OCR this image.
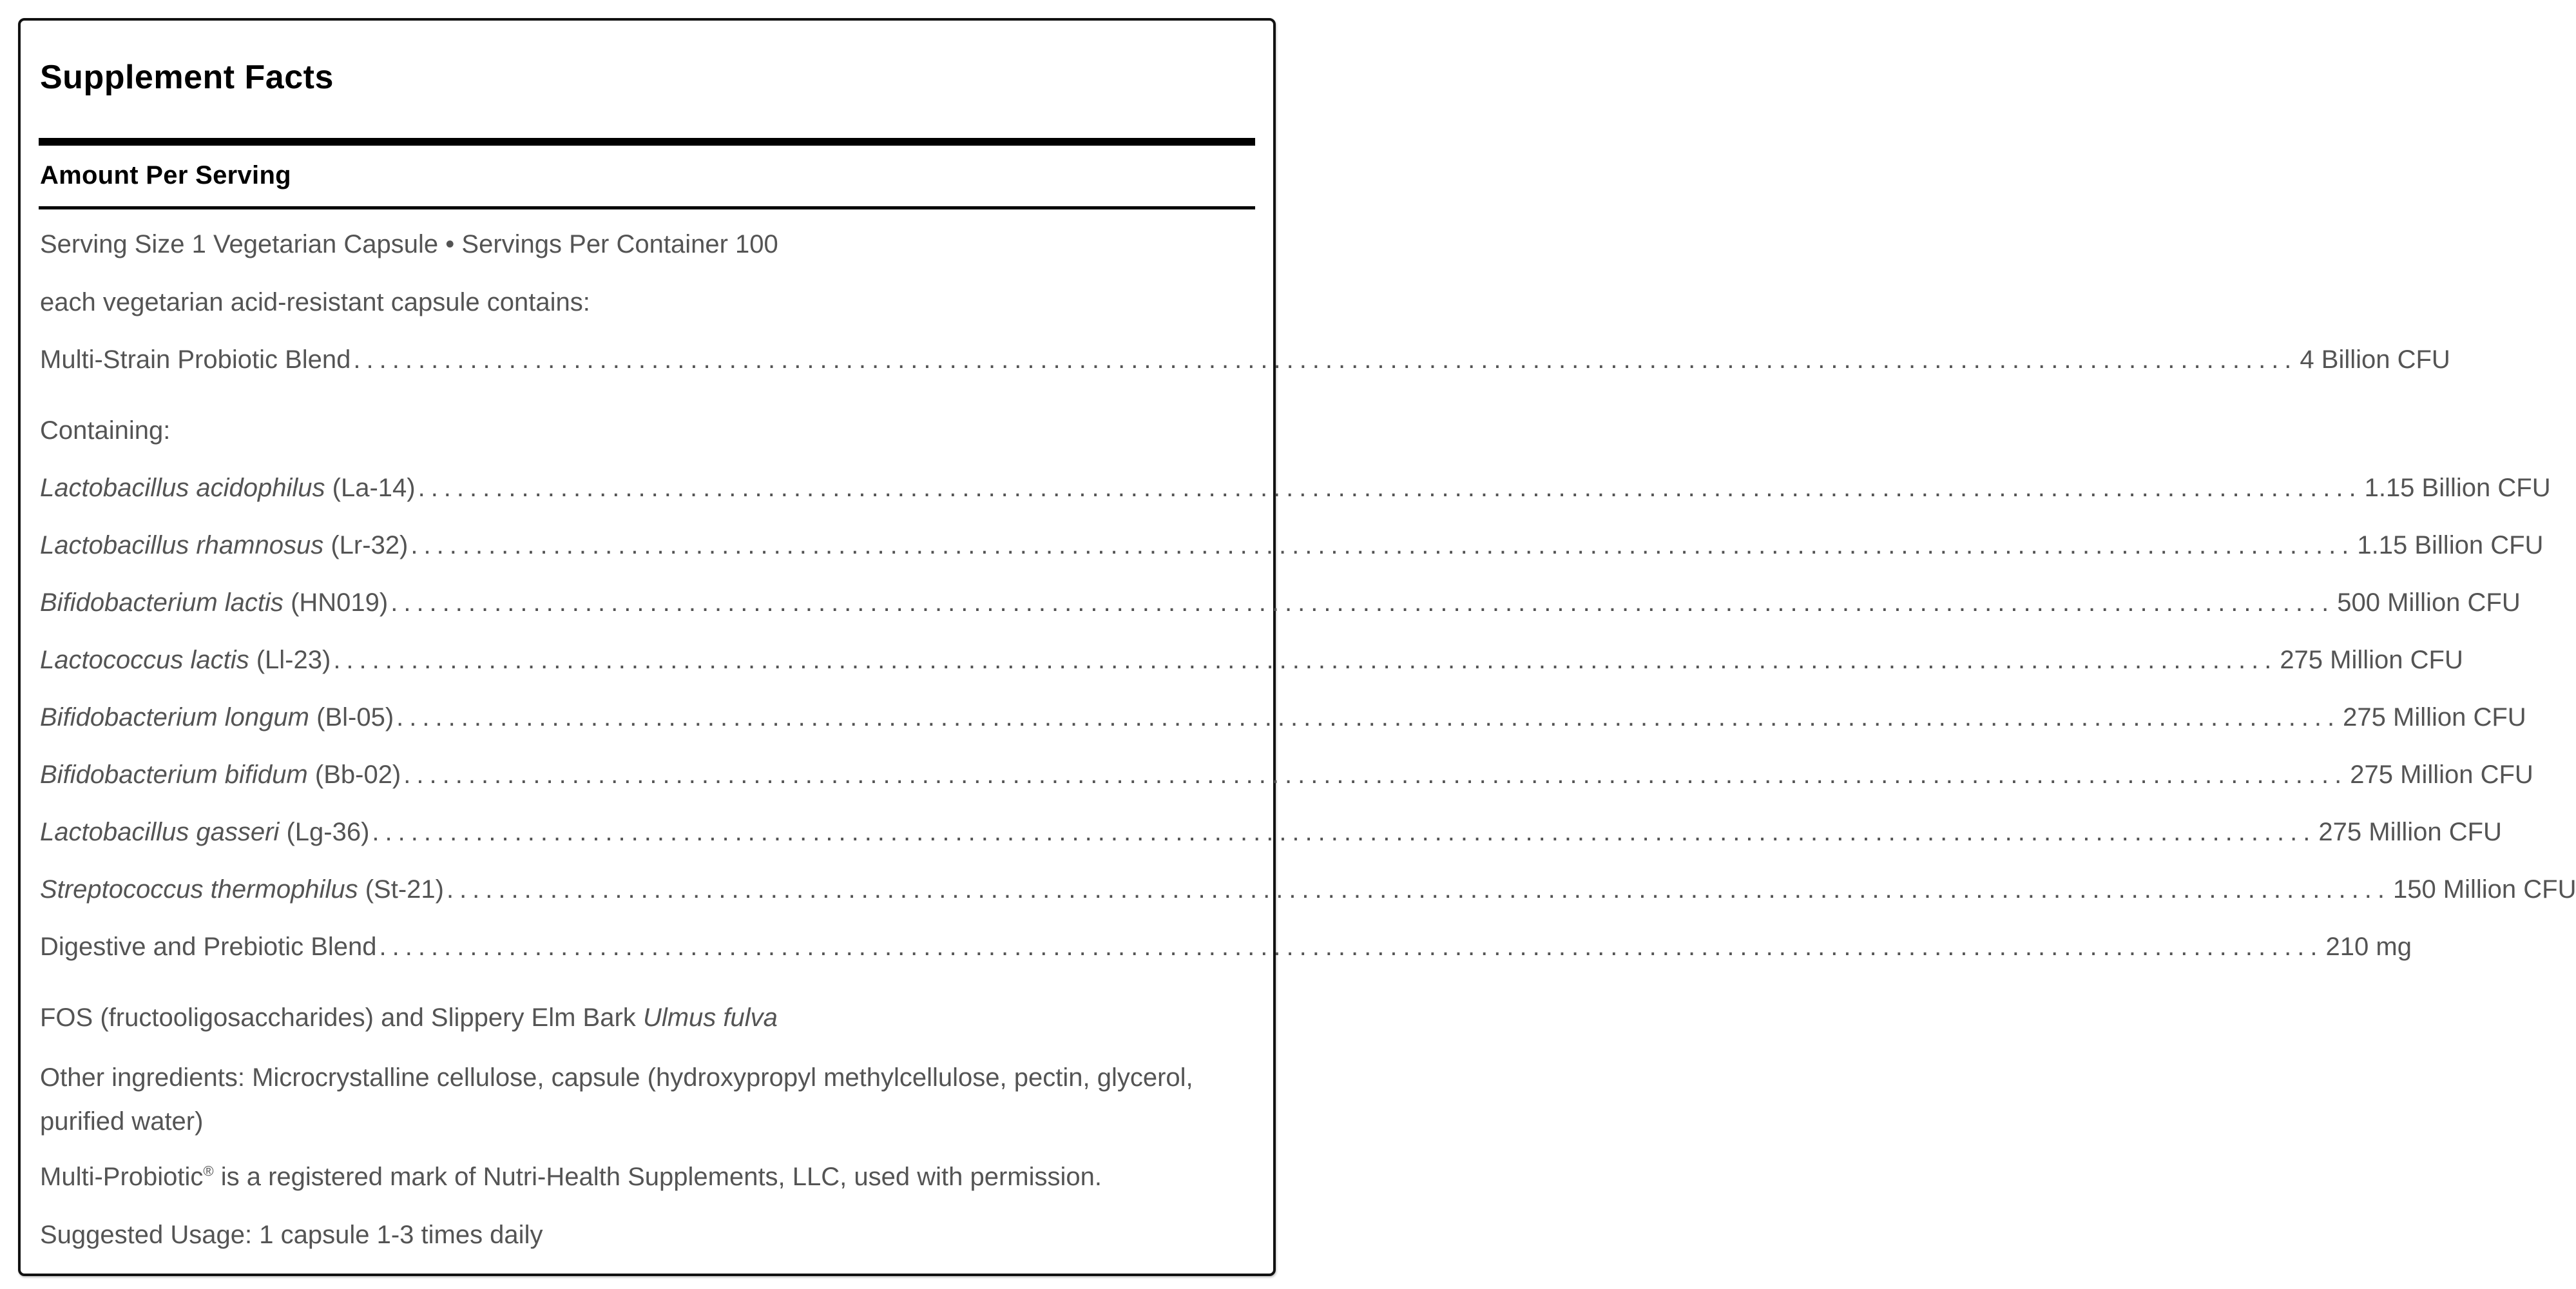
Supplement Facts
Amount Per Serving
Serving Size 1 Vegetarian Capsule • Servings Per Container 100
each vegetarian acid-resistant capsule contains:
Multi-Strain Probiotic Blend ...................................................................................................................................................... 4 Billion CFU
Containing:
Lactobacillus acidophilus (La-14) ...................................................................................................................................................... 1.15 Billion CFU
Lactobacillus rhamnosus (Lr-32) ...................................................................................................................................................... 1.15 Billion CFU
Bifidobacterium lactis (HN019) ...................................................................................................................................................... 500 Million CFU
Lactococcus lactis (Ll-23) ...................................................................................................................................................... 275 Million CFU
Bifidobacterium longum (Bl-05) ...................................................................................................................................................... 275 Million CFU
Bifidobacterium bifidum (Bb-02) ...................................................................................................................................................... 275 Million CFU
Lactobacillus gasseri (Lg-36) ...................................................................................................................................................... 275 Million CFU
Streptococcus thermophilus (St-21) ...................................................................................................................................................... 150 Million CFU
Digestive and Prebiotic Blend ...................................................................................................................................................... 210 mg
FOS (fructooligosaccharides) and Slippery Elm Bark Ulmus fulva
Other ingredients: Microcrystalline cellulose, capsule (hydroxypropyl methylcellulose, pectin, glycerol, purified water)
Multi-Probiotic® is a registered mark of Nutri-Health Supplements, LLC, used with permission.
Suggested Usage: 1 capsule 1-3 times daily
